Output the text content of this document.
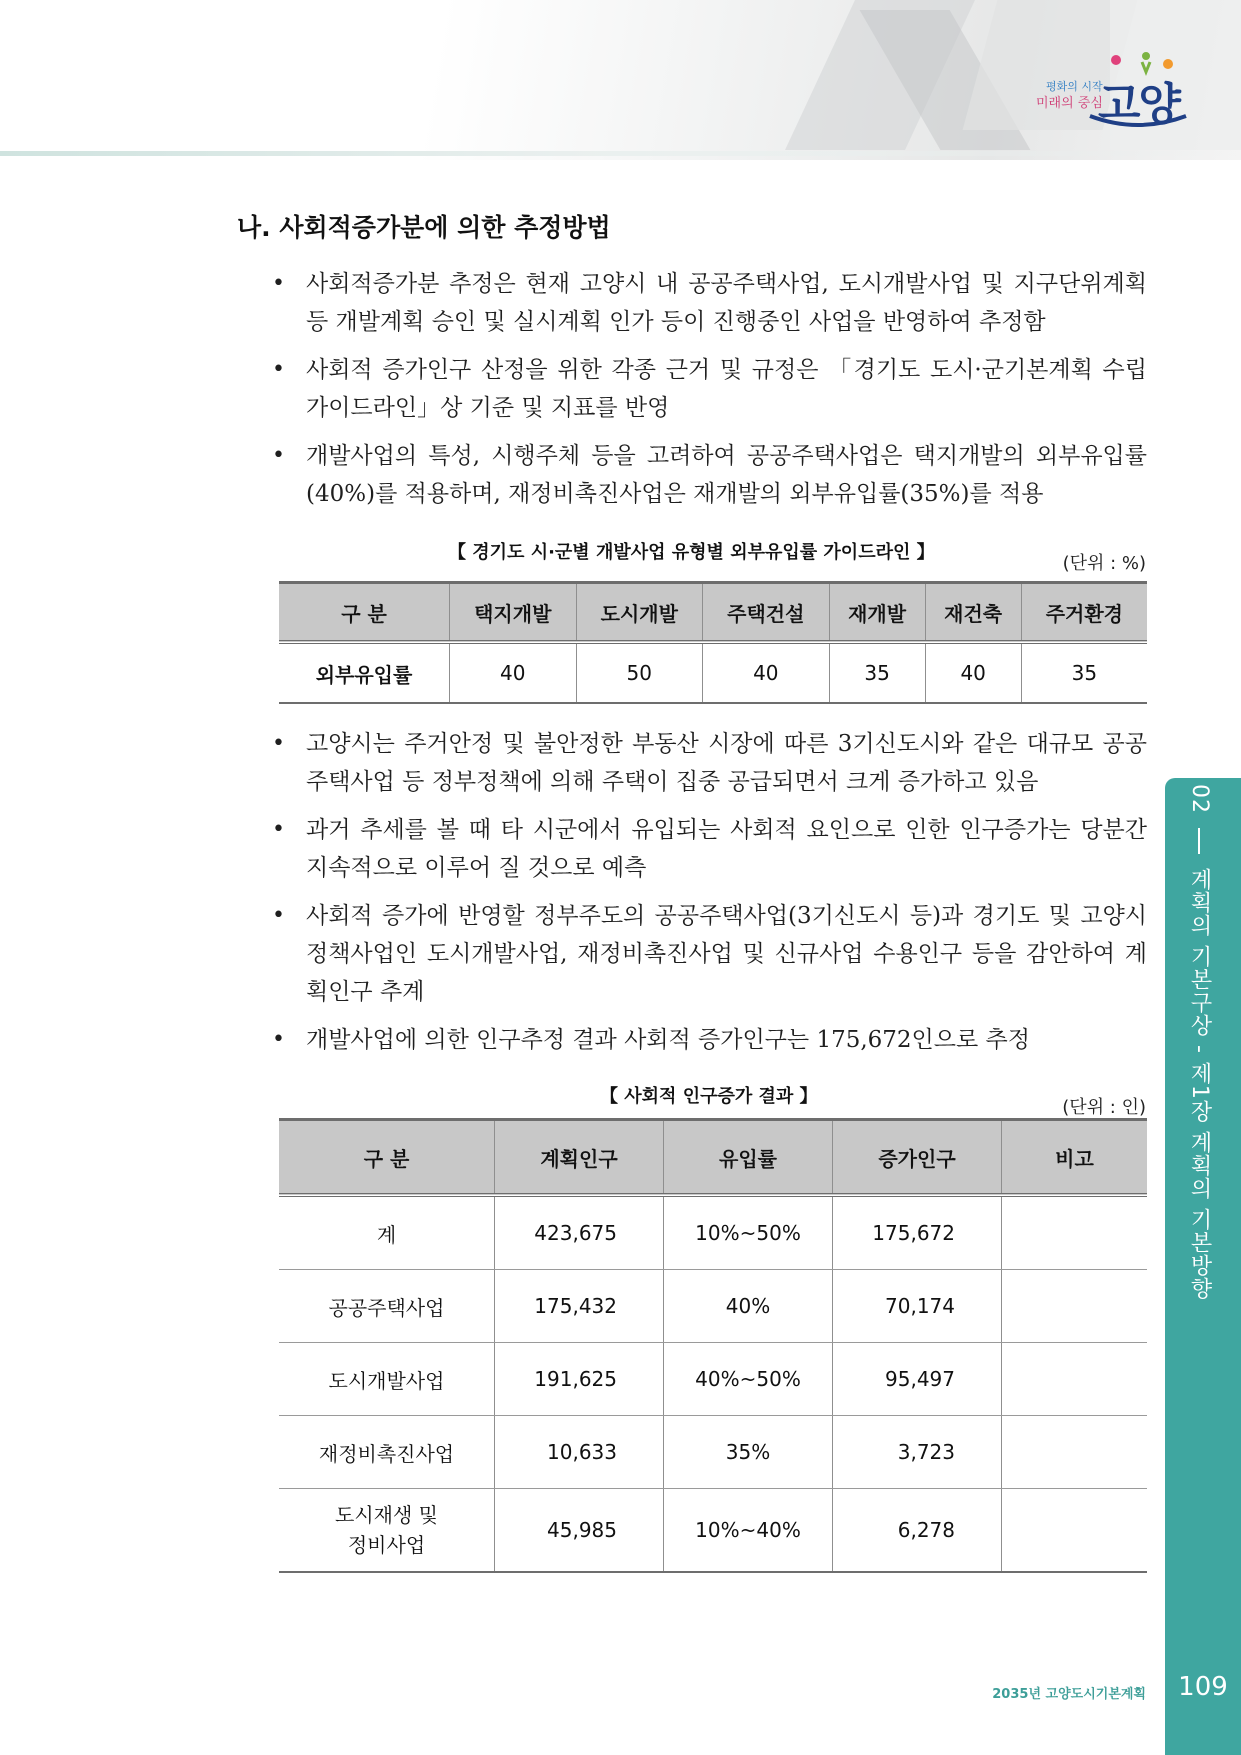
평화의 시작
미래의 중심
고양
02  계획의 기본구상 - 제1장 계획의 기본방향
109
2035년 고양도시기본계획
나. 사회적증가분에 의한 추정방법
• 사회적증가분 추정은 현재 고양시 내 공공주택사업, 도시개발사업 및 지구단위계획 등 개발계획 승인 및 실시계획 인가 등이 진행중인 사업을 반영하여 추정함
• 사회적 증가인구 산정을 위한 각종 근거 및 규정은 「경기도 도시·군기본계획 수립 가이드라인」상 기준 및 지표를 반영
• 개발사업의 특성, 시행주체 등을 고려하여 공공주택사업은 택지개발의 외부유입률(40%)를 적용하며, 재정비촉진사업은 재개발의 외부유입률(35%)를 적용
【 경기도 시·군별 개발사업 유형별 외부유입률 가이드라인 】
(단위 : %)
구 분	택지개발	도시개발	주택건설	재개발	재건축	주거환경
외부유입률	40	50	40	35	40	35
• 고양시는 주거안정 및 불안정한 부동산 시장에 따른 3기신도시와 같은 대규모 공공주택사업 등 정부정책에 의해 주택이 집중 공급되면서 크게 증가하고 있음
• 과거 추세를 볼 때 타 시군에서 유입되는 사회적 요인으로 인한 인구증가는 당분간 지속적으로 이루어 질 것으로 예측
• 사회적 증가에 반영할 정부주도의 공공주택사업(3기신도시 등)과 경기도 및 고양시 정책사업인 도시개발사업, 재정비촉진사업 및 신규사업 수용인구 등을 감안하여 계획인구 추계
• 개발사업에 의한 인구추정 결과 사회적 증가인구는 175,672인으로 추정
【 사회적 인구증가 결과 】
(단위 : 인)
구 분	계획인구	유입률	증가인구	비고
계	423,675	10%~50%	175,672	
공공주택사업	175,432	40%	70,174	
도시개발사업	191,625	40%~50%	95,497	
재정비촉진사업	10,633	35%	3,723	
도시재생 및
정비사업	45,985	10%~40%	6,278	
